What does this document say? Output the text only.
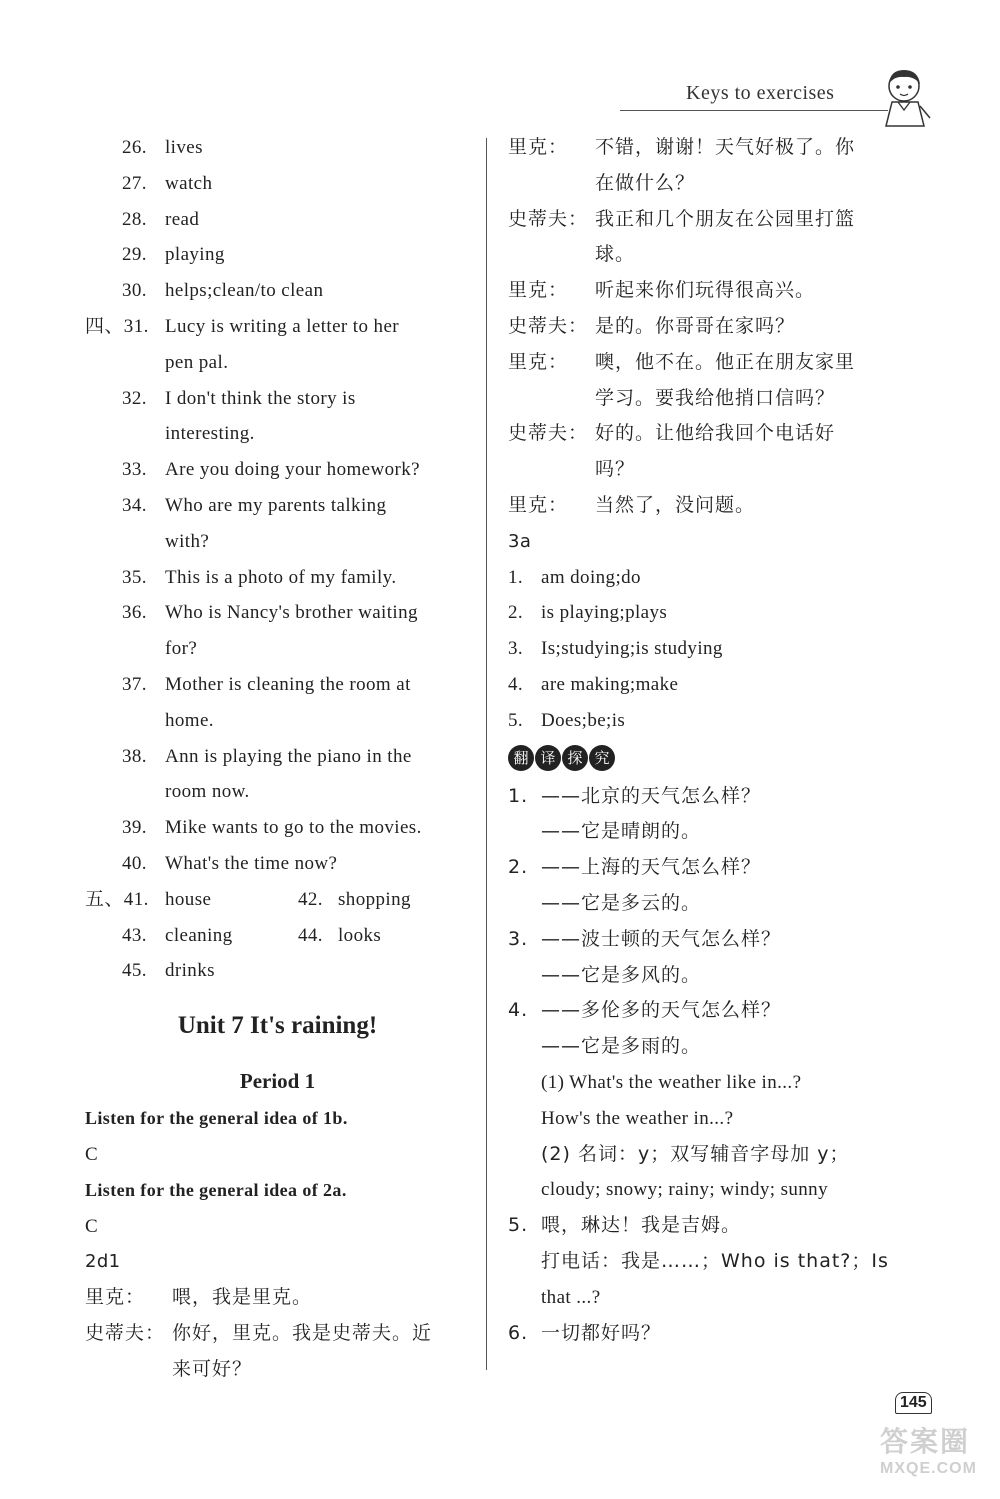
Keys to exercises
26. lives
27. watch
28. read
29. playing
30. helps;clean/to clean
四、31. Lucy is writing a letter to her
pen pal.
32. I don't think the story is
interesting.
33. Are you doing your homework?
34. Who are my parents talking
with?
35. This is a photo of my family.
36. Who is Nancy's brother waiting
for?
37. Mother is cleaning the room at
home.
38. Ann is playing the piano in the
room now.
39. Mike wants to go to the movies.
40. What's the time now?
五、41. house	42. shopping
43. cleaning	44. looks
45. drinks
Unit 7 It's raining!
Period 1
Listen for the general idea of 1b.
C
Listen for the general idea of 2a.
C
2d1
里克： 喂，我是里克。
史蒂夫： 你好，里克。我是史蒂夫。近
来可好？
里克： 不错，谢谢！天气好极了。你
在做什么？
史蒂夫： 我正和几个朋友在公园里打篮
球。
里克： 听起来你们玩得很高兴。
史蒂夫： 是的。你哥哥在家吗？
里克： 噢，他不在。他正在朋友家里
学习。要我给他捎口信吗？
史蒂夫： 好的。让他给我回个电话好
吗？
里克： 当然了，没问题。
3a
1. am doing;do
2. is playing;plays
3. Is;studying;is studying
4. are making;make
5. Does;be;is
翻 译 探 究
1. ——北京的天气怎么样？
——它是晴朗的。
2. ——上海的天气怎么样？
——它是多云的。
3. ——波士顿的天气怎么样？
——它是多风的。
4. ——多伦多的天气怎么样？
——它是多雨的。
(1) What's the weather like in...?
How's the weather in...?
(2) 名词：y；双写辅音字母加 y；
cloudy; snowy; rainy; windy; sunny
5. 喂，琳达！我是吉姆。
打电话：我是……；Who is that?；Is
that ...?
6. 一切都好吗？
145
答案圈
MXQE.COM
